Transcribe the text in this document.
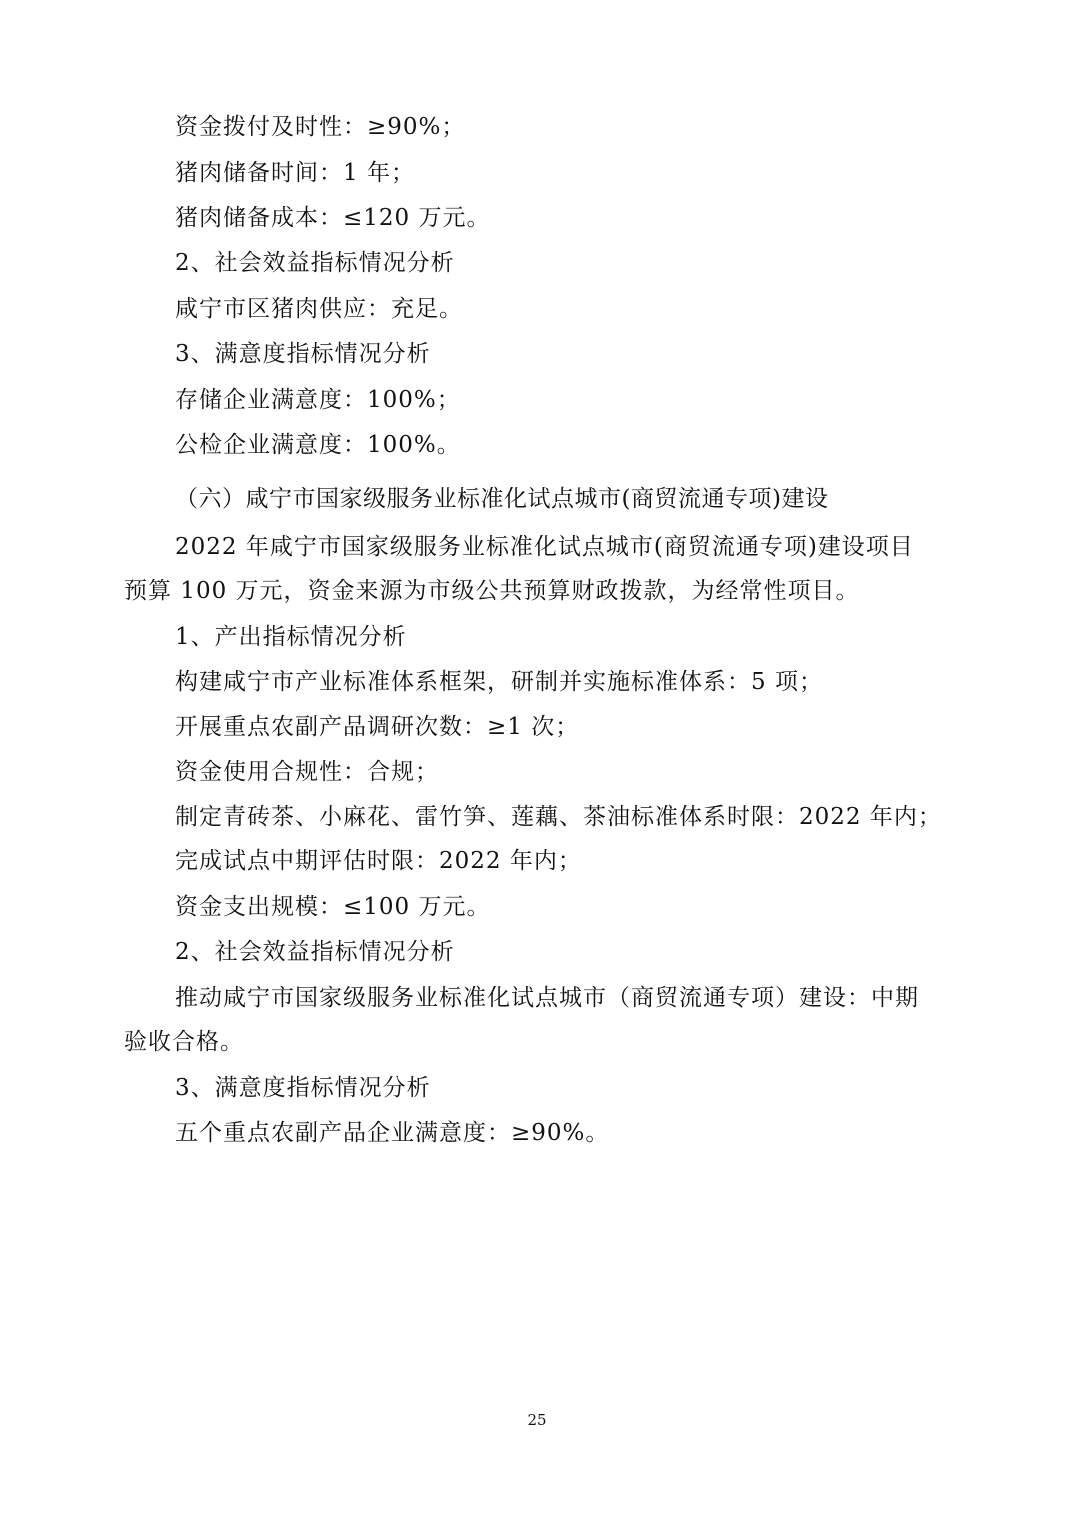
资金拨付及时性：≥90%；
猪肉储备时间：1 年；
猪肉储备成本：≤120 万元。
2、社会效益指标情况分析
咸宁市区猪肉供应：充足。
3、满意度指标情况分析
存储企业满意度：100%；
公检企业满意度：100%。
（六）咸宁市国家级服务业标准化试点城市(商贸流通专项)建设
2022 年咸宁市国家级服务业标准化试点城市(商贸流通专项)建设项目
预算 100 万元，资金来源为市级公共预算财政拨款，为经常性项目。
1、产出指标情况分析
构建咸宁市产业标准体系框架，研制并实施标准体系：5 项；
开展重点农副产品调研次数：≥1 次；
资金使用合规性：合规；
制定青砖茶、小麻花、雷竹笋、莲藕、茶油标准体系时限：2022 年内；
完成试点中期评估时限：2022 年内；
资金支出规模：≤100 万元。
2、社会效益指标情况分析
推动咸宁市国家级服务业标准化试点城市（商贸流通专项）建设：中期
验收合格。
3、满意度指标情况分析
五个重点农副产品企业满意度：≥90%。
25
